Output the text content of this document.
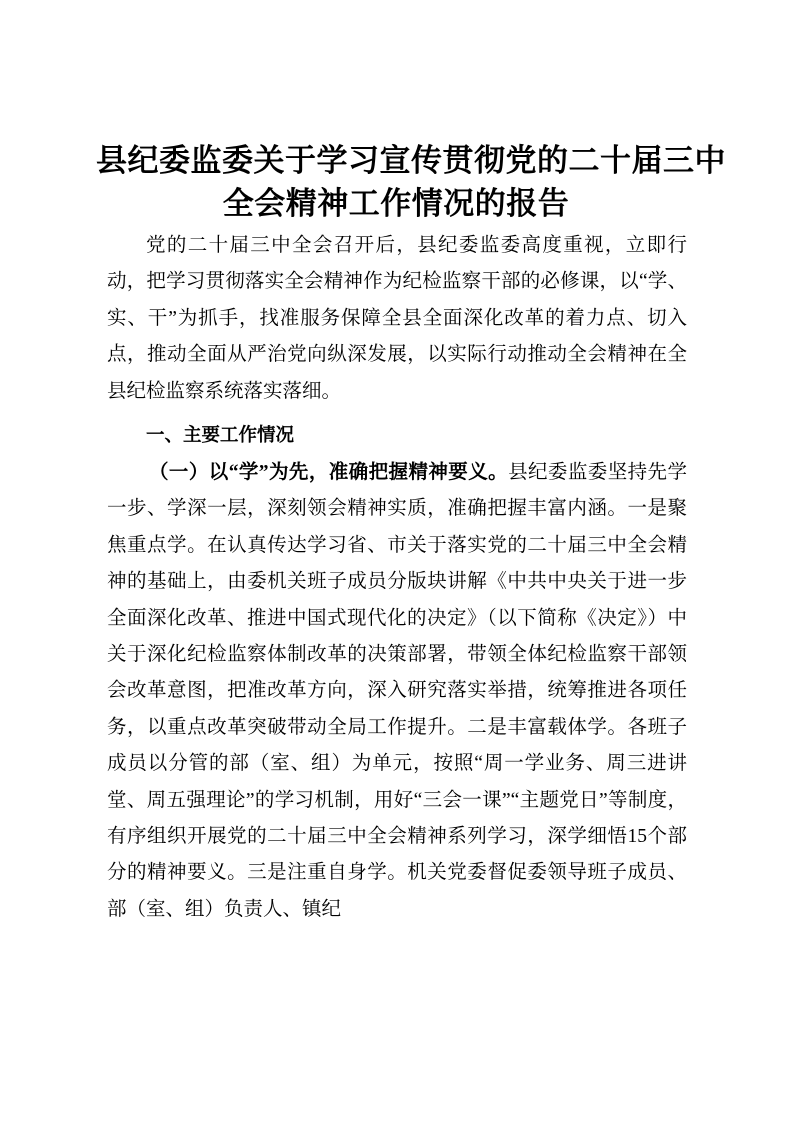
县纪委监委关于学习宣传贯彻党的二十届三中
全会精神工作情况的报告

党的二十届三中全会召开后，县纪委监委高度重视，立即行动，把学习贯彻落实全会精神作为纪检监察干部的必修课，以“学、实、干”为抓手，找准服务保障全县全面深化改革的着力点、切入点，推动全面从严治党向纵深发展，以实际行动推动全会精神在全县纪检监察系统落实落细。

一、主要工作情况

（一）以“学”为先，准确把握精神要义。县纪委监委坚持先学一步、学深一层，深刻领会精神实质，准确把握丰富内涵。一是聚焦重点学。在认真传达学习省、市关于落实党的二十届三中全会精神的基础上，由委机关班子成员分版块讲解《中共中央关于进一步全面深化改革、推进中国式现代化的决定》（以下简称《决定》）中关于深化纪检监察体制改革的决策部署，带领全体纪检监察干部领会改革意图，把准改革方向，深入研究落实举措，统筹推进各项任务，以重点改革突破带动全局工作提升。二是丰富载体学。各班子成员以分管的部（室、组）为单元，按照“周一学业务、周三进讲堂、周五强理论”的学习机制，用好“三会一课”“主题党日”等制度，有序组织开展党的二十届三中全会精神系列学习，深学细悟15个部分的精神要义。三是注重自身学。机关党委督促委领导班子成员、部（室、组）负责人、镇纪
